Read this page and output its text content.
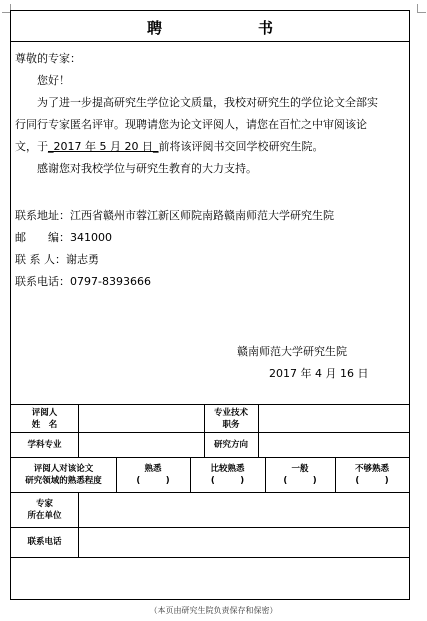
聘　　书
尊敬的专家：
您好！
为了进一步提高研究生学位论文质量，我校对研究生的学位论文全部实
行同行专家匿名评审。现聘请您为论文评阅人，请您在百忙之中审阅该论
文，于_2017 年 5 月 20 日_前将该评阅书交回学校研究生院。
感谢您对我校学位与研究生教育的大力支持。
联系地址：江西省赣州市蓉江新区师院南路赣南师范大学研究生院
邮　　编：341000
联 系 人：谢志勇
联系电话：0797-8393666
赣南师范大学研究生院
2017 年 4 月 16 日
评阅人
姓　名
专业技术
职务
学科专业	研究方向
评阅人对该论文
研究领域的熟悉程度
熟悉
(　　　)
比较熟悉
(　　　)
一般
(　　　)
不够熟悉
(　　　)
专家
所在单位
联系电话
（本页由研究生院负责保存和保密）
